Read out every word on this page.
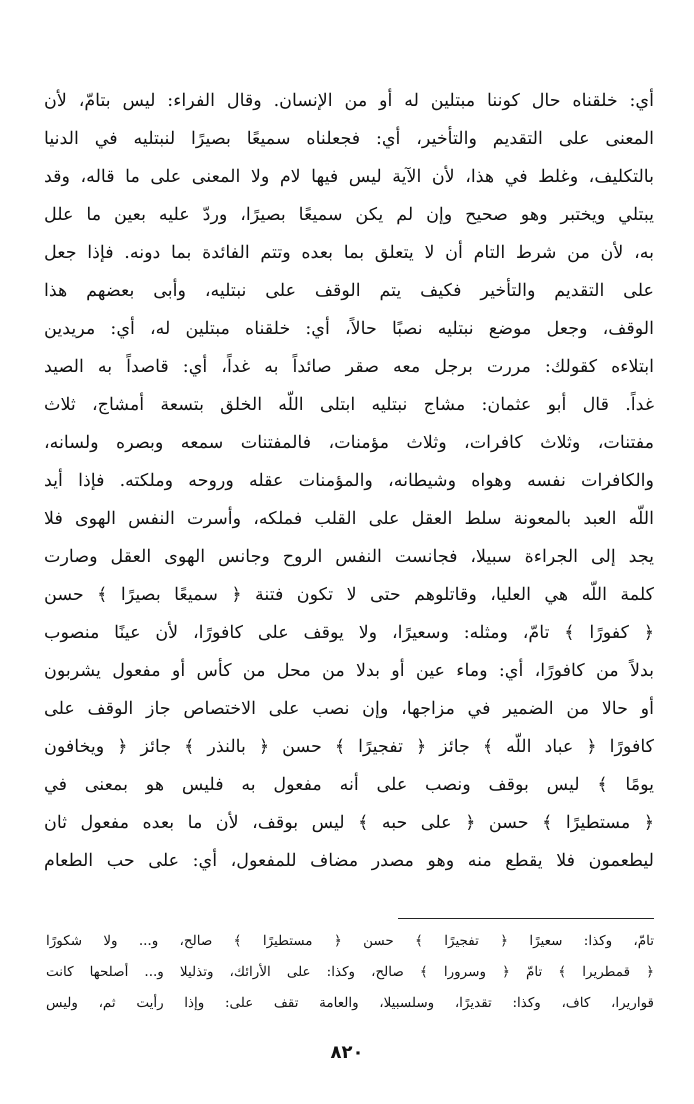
أي: خلقناه حال كوننا مبتلين له أو من الإنسان. وقال الفراء: ليس بتامّ، لأن
المعنى على التقديم والتأخير، أي: فجعلناه سميعًا بصيرًا لنبتليه في الدنيا
بالتكليف، وغلط في هذا، لأن الآية ليس فيها لام ولا المعنى على ما قاله، وقد
يبتلي ويختبر وهو صحيح وإن لم يكن سميعًا بصيرًا، وردّ عليه بعين ما علل
به، لأن من شرط التام أن لا يتعلق بما بعده وتتم الفائدة بما دونه. فإذا جعل
على التقديم والتأخير فكيف يتم الوقف على نبتليه، وأبى بعضهم هذا
الوقف، وجعل موضع نبتليه نصبًا حالاً، أي: خلقناه مبتلين له، أي: مريدين
ابتلاءه كقولك: مررت برجل معه صقر صائداً به غداً، أي: قاصداً به الصيد
غداً. قال أبو عثمان: مشاج نبتليه ابتلى اللّه الخلق بتسعة أمشاج، ثلاث
مفتنات، وثلاث كافرات، وثلاث مؤمنات، فالمفتنات سمعه وبصره ولسانه،
والكافرات نفسه وهواه وشيطانه، والمؤمنات عقله وروحه وملكته. فإذا أيد
اللّه العبد بالمعونة سلط العقل على القلب فملكه، وأسرت النفس الهوى فلا
يجد إلى الجراءة سبيلا، فجانست النفس الروح وجانس الهوى العقل وصارت
كلمة اللّه هي العليا، وقاتلوهم حتى لا تكون فتنة ﴿ سميعًا بصيرًا ﴾ حسن
﴿ كفورًا ﴾ تامّ، ومثله: وسعيرًا، ولا يوقف على كافورًا، لأن عينًا منصوب
بدلاً من كافورًا، أي: وماء عين أو بدلا من محل من كأس أو مفعول يشربون
أو حالا من الضمير في مزاجها، وإن نصب على الاختصاص جاز الوقف على
كافورًا ﴿ عباد اللّه ﴾ جائز ﴿ تفجيرًا ﴾ حسن ﴿ بالنذر ﴾ جائز ﴿ ويخافون
يومًا ﴾ ليس بوقف ونصب على أنه مفعول به فليس هو بمعنى في
﴿ مستطيرًا ﴾ حسن ﴿ على حبه ﴾ ليس بوقف، لأن ما بعده مفعول ثان
ليطعمون فلا يقطع منه وهو مصدر مضاف للمفعول، أي: على حب الطعام
تامّ، وكذا: سعيرًا ﴿ تفجيرًا ﴾ حسن ﴿ مستطيرًا ﴾ صالح، و... ولا شكورًا
﴿ قمطريرا ﴾ تامّ ﴿ وسرورا ﴾ صالح، وكذا: على الأرائك، وتذليلا و... أصلحها كانت
قواريرا، كاف، وكذا: تقديرًا، وسلسبيلا، والعامة تقف على: وإذا رأيت ثم، وليس
٨٢٠
